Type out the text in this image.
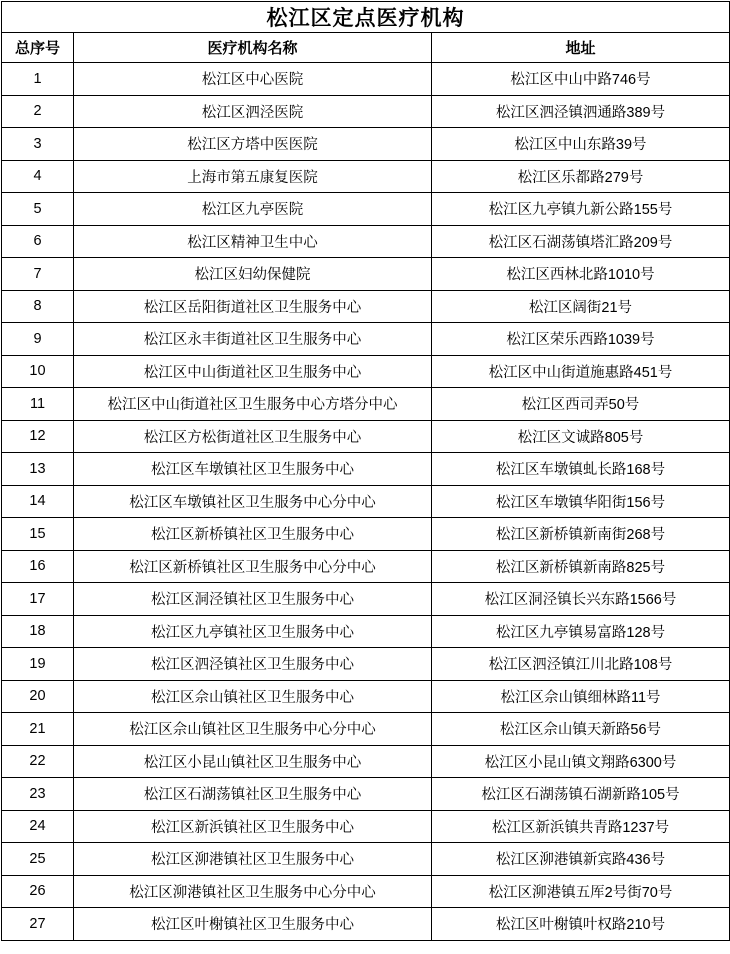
松江区定点医疗机构		
总序号	医疗机构名称	地址
1	松江区中心医院	松江区中山中路746号
2	松江区泗泾医院	松江区泗泾镇泗通路389号
3	松江区方塔中医医院	松江区中山东路39号
4	上海市第五康复医院	松江区乐都路279号
5	松江区九亭医院	松江区九亭镇九新公路155号
6	松江区精神卫生中心	松江区石湖荡镇塔汇路209号
7	松江区妇幼保健院	松江区西林北路1010号
8	松江区岳阳街道社区卫生服务中心	松江区阔街21号
9	松江区永丰街道社区卫生服务中心	松江区荣乐西路1039号
10	松江区中山街道社区卫生服务中心	松江区中山街道施惠路451号
11	松江区中山街道社区卫生服务中心方塔分中心	松江区西司弄50号
12	松江区方松街道社区卫生服务中心	松江区文诚路805号
13	松江区车墩镇社区卫生服务中心	松江区车墩镇虬长路168号
14	松江区车墩镇社区卫生服务中心分中心	松江区车墩镇华阳街156号
15	松江区新桥镇社区卫生服务中心	松江区新桥镇新南街268号
16	松江区新桥镇社区卫生服务中心分中心	松江区新桥镇新南路825号
17	松江区洞泾镇社区卫生服务中心	松江区洞泾镇长兴东路1566号
18	松江区九亭镇社区卫生服务中心	松江区九亭镇易富路128号
19	松江区泗泾镇社区卫生服务中心	松江区泗泾镇江川北路108号
20	松江区佘山镇社区卫生服务中心	松江区佘山镇细林路11号
21	松江区佘山镇社区卫生服务中心分中心	松江区佘山镇天新路56号
22	松江区小昆山镇社区卫生服务中心	松江区小昆山镇文翔路6300号
23	松江区石湖荡镇社区卫生服务中心	松江区石湖荡镇石湖新路105号
24	松江区新浜镇社区卫生服务中心	松江区新浜镇共青路1237号
25	松江区泖港镇社区卫生服务中心	松江区泖港镇新宾路436号
26	松江区泖港镇社区卫生服务中心分中心	松江区泖港镇五厍2号街70号
27	松江区叶榭镇社区卫生服务中心	松江区叶榭镇叶权路210号
